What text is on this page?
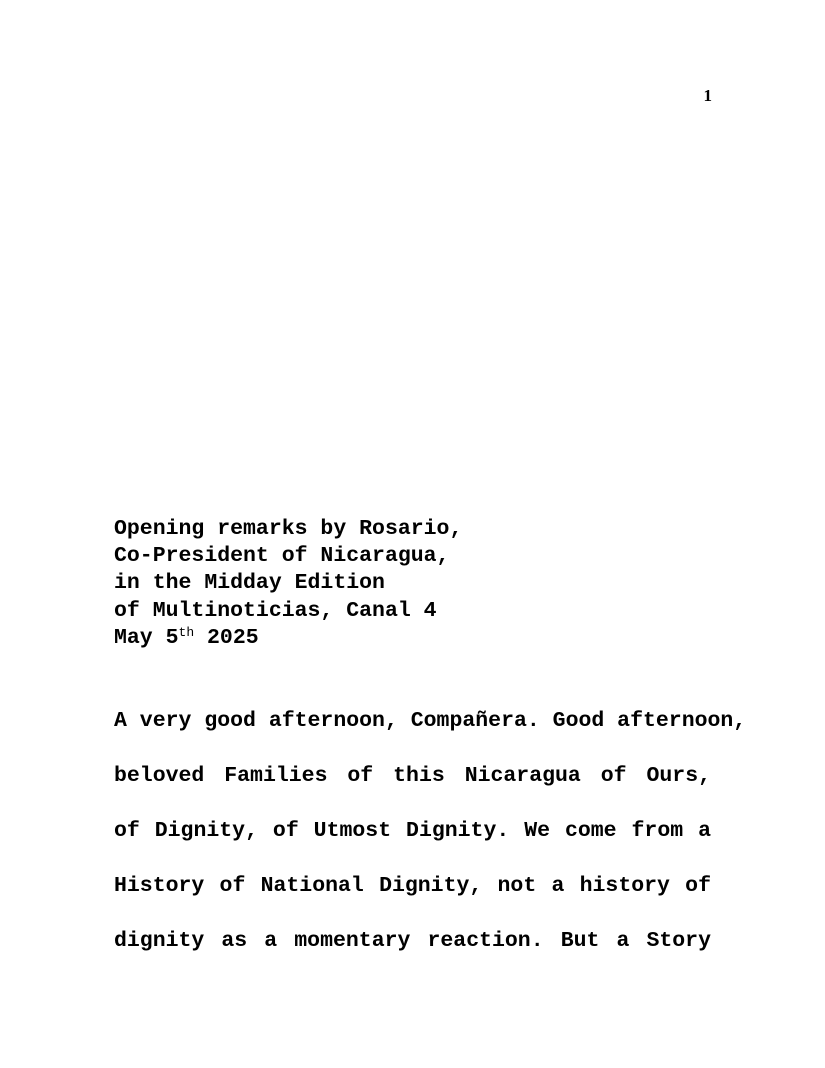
1
Opening remarks by Rosario,
Co-President of Nicaragua,
in the Midday Edition
of Multinoticias, Canal 4
May 5th 2025
A very good afternoon, Compañera. Good afternoon,
beloved Families of this Nicaragua of Ours,
of Dignity, of Utmost Dignity. We come from a
History of National Dignity, not a history of
dignity as a momentary reaction. But a Story
